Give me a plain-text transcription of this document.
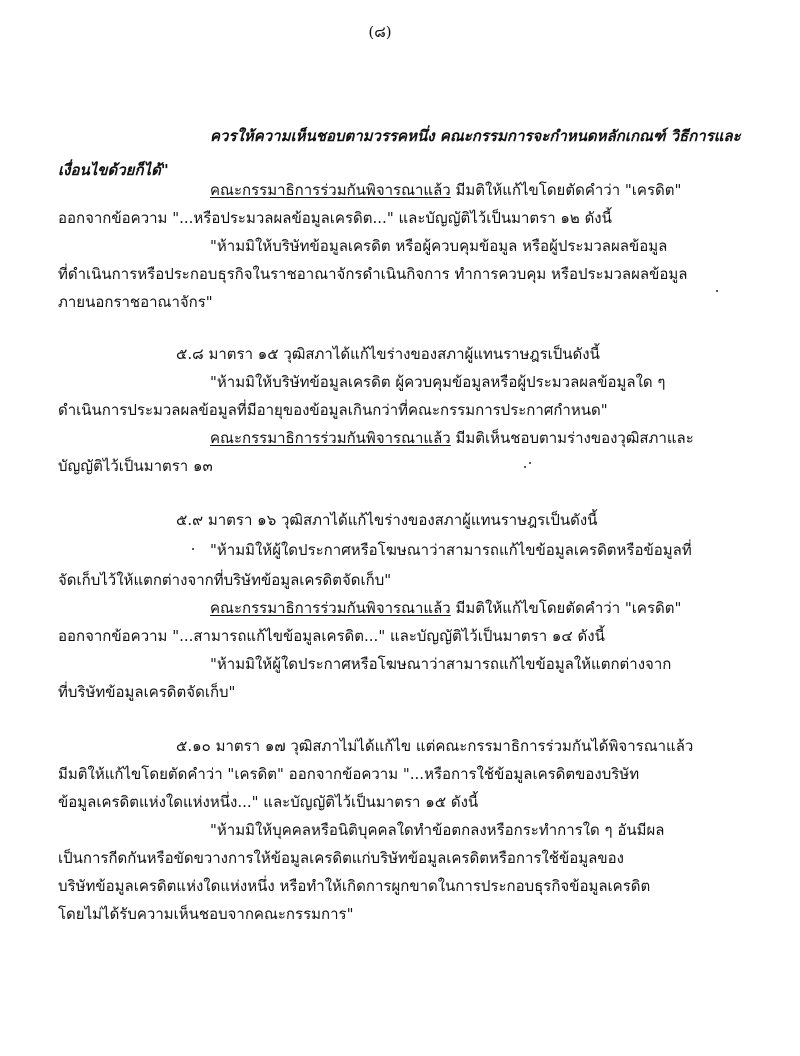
(๘)
ควรให้ความเห็นชอบตามวรรคหนึ่ง คณะกรรมการจะกำหนดหลักเกณฑ์ วิธีการและ
เงื่อนไขด้วยก็ได้"
คณะกรรมาธิการร่วมกันพิจารณาแล้ว มีมติให้แก้ไขโดยตัดคำว่า "เครดิต"
ออกจากข้อความ "...หรือประมวลผลข้อมูลเครดิต..." และบัญญัติไว้เป็นมาตรา ๑๒ ดังนี้
"ห้ามมิให้บริษัทข้อมูลเครดิต หรือผู้ควบคุมข้อมูล หรือผู้ประมวลผลข้อมูล
ที่ดำเนินการหรือประกอบธุรกิจในราชอาณาจักรดำเนินกิจการ ทำการควบคุม หรือประมวลผลข้อมูล
ภายนอกราชอาณาจักร"
๕.๘ มาตรา ๑๕ วุฒิสภาได้แก้ไขร่างของสภาผู้แทนราษฎรเป็นดังนี้
"ห้ามมิให้บริษัทข้อมูลเครดิต ผู้ควบคุมข้อมูลหรือผู้ประมวลผลข้อมูลใด ๆ
ดำเนินการประมวลผลข้อมูลที่มีอายุของข้อมูลเกินกว่าที่คณะกรรมการประกาศกำหนด"
คณะกรรมาธิการร่วมกันพิจารณาแล้ว มีมติเห็นชอบตามร่างของวุฒิสภาและ
บัญญัติไว้เป็นมาตรา ๑๓
๕.๙ มาตรา ๑๖ วุฒิสภาได้แก้ไขร่างของสภาผู้แทนราษฎรเป็นดังนี้
"ห้ามมิให้ผู้ใดประกาศหรือโฆษณาว่าสามารถแก้ไขข้อมูลเครดิตหรือข้อมูลที่
จัดเก็บไว้ให้แตกต่างจากที่บริษัทข้อมูลเครดิตจัดเก็บ"
คณะกรรมาธิการร่วมกันพิจารณาแล้ว มีมติให้แก้ไขโดยตัดคำว่า "เครดิต"
ออกจากข้อความ "...สามารถแก้ไขข้อมูลเครดิต..." และบัญญัติไว้เป็นมาตรา ๑๔ ดังนี้
"ห้ามมิให้ผู้ใดประกาศหรือโฆษณาว่าสามารถแก้ไขข้อมูลให้แตกต่างจาก
ที่บริษัทข้อมูลเครดิตจัดเก็บ"
๕.๑๐ มาตรา ๑๗ วุฒิสภาไม่ได้แก้ไข แต่คณะกรรมาธิการร่วมกันได้พิจารณาแล้ว
มีมติให้แก้ไขโดยตัดคำว่า "เครดิต" ออกจากข้อความ "...หรือการใช้ข้อมูลเครดิตของบริษัท
ข้อมูลเครดิตแห่งใดแห่งหนึ่ง..." และบัญญัติไว้เป็นมาตรา ๑๕ ดังนี้
"ห้ามมิให้บุคคลหรือนิติบุคคลใดทำข้อตกลงหรือกระทำการใด ๆ อันมีผล
เป็นการกีดกันหรือขัดขวางการให้ข้อมูลเครดิตแก่บริษัทข้อมูลเครดิตหรือการใช้ข้อมูลของ
บริษัทข้อมูลเครดิตแห่งใดแห่งหนึ่ง หรือทำให้เกิดการผูกขาดในการประกอบธุรกิจข้อมูลเครดิต
โดยไม่ได้รับความเห็นชอบจากคณะกรรมการ"
